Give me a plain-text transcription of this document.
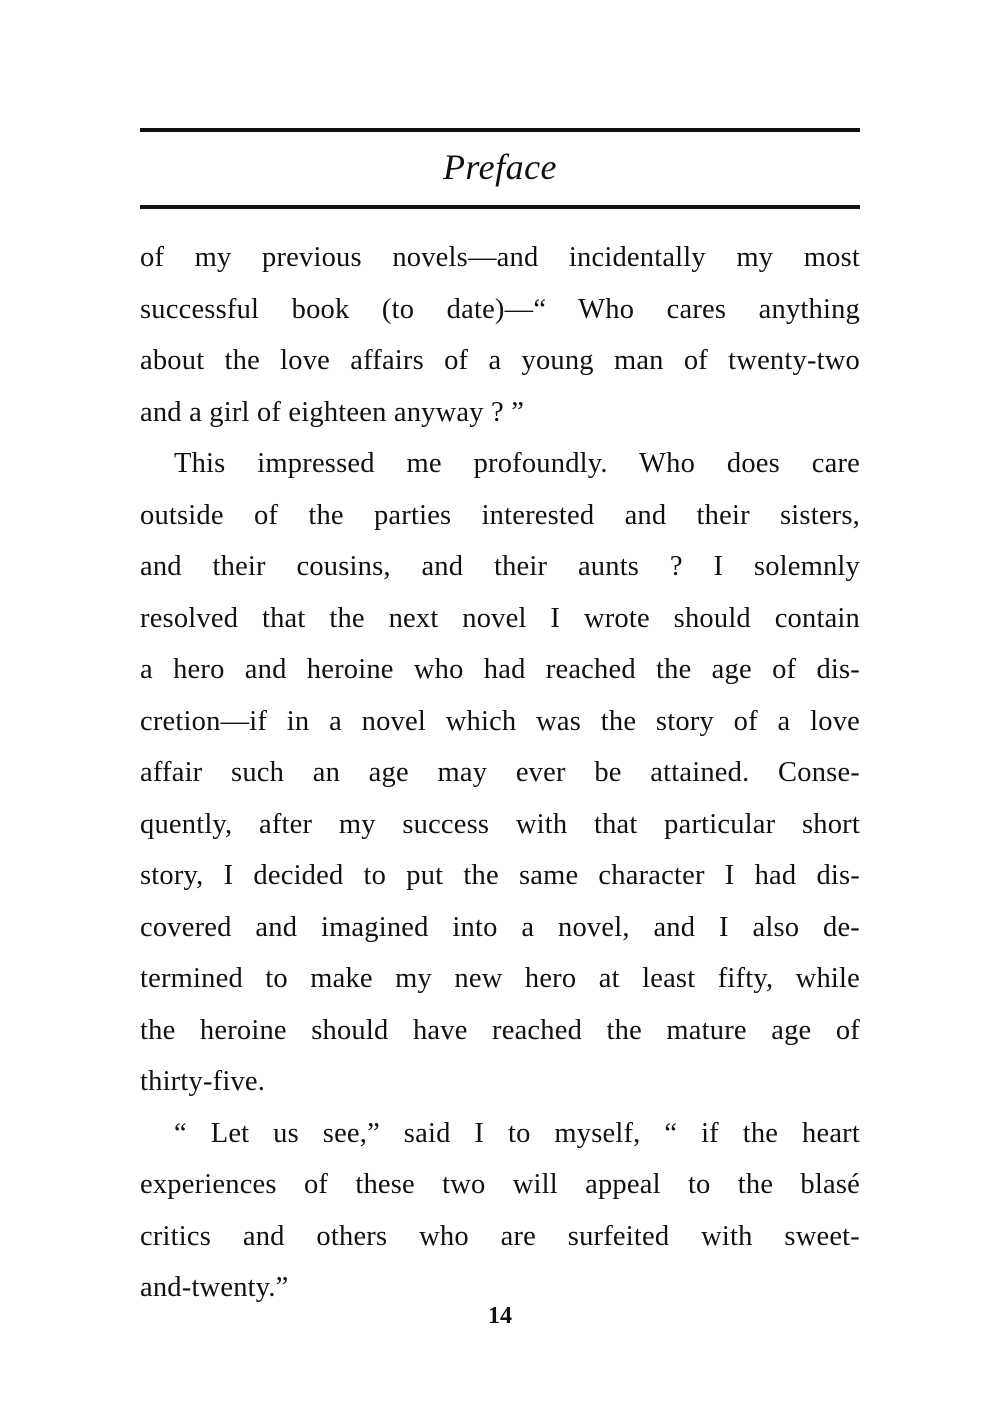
Preface
of my previous novels—and incidentally my most
successful book (to date)—“ Who cares anything
about the love affairs of a young man of twenty-two
and a girl of eighteen anyway ? ”
This impressed me profoundly. Who does care
outside of the parties interested and their sisters,
and their cousins, and their aunts ? I solemnly
resolved that the next novel I wrote should contain
a hero and heroine who had reached the age of dis-
cretion—if in a novel which was the story of a love
affair such an age may ever be attained. Conse-
quently, after my success with that particular short
story, I decided to put the same character I had dis-
covered and imagined into a novel, and I also de-
termined to make my new hero at least fifty, while
the heroine should have reached the mature age of
thirty-five.
“ Let us see,” said I to myself, “ if the heart
experiences of these two will appeal to the blasé
critics and others who are surfeited with sweet-
and-twenty.”
14
